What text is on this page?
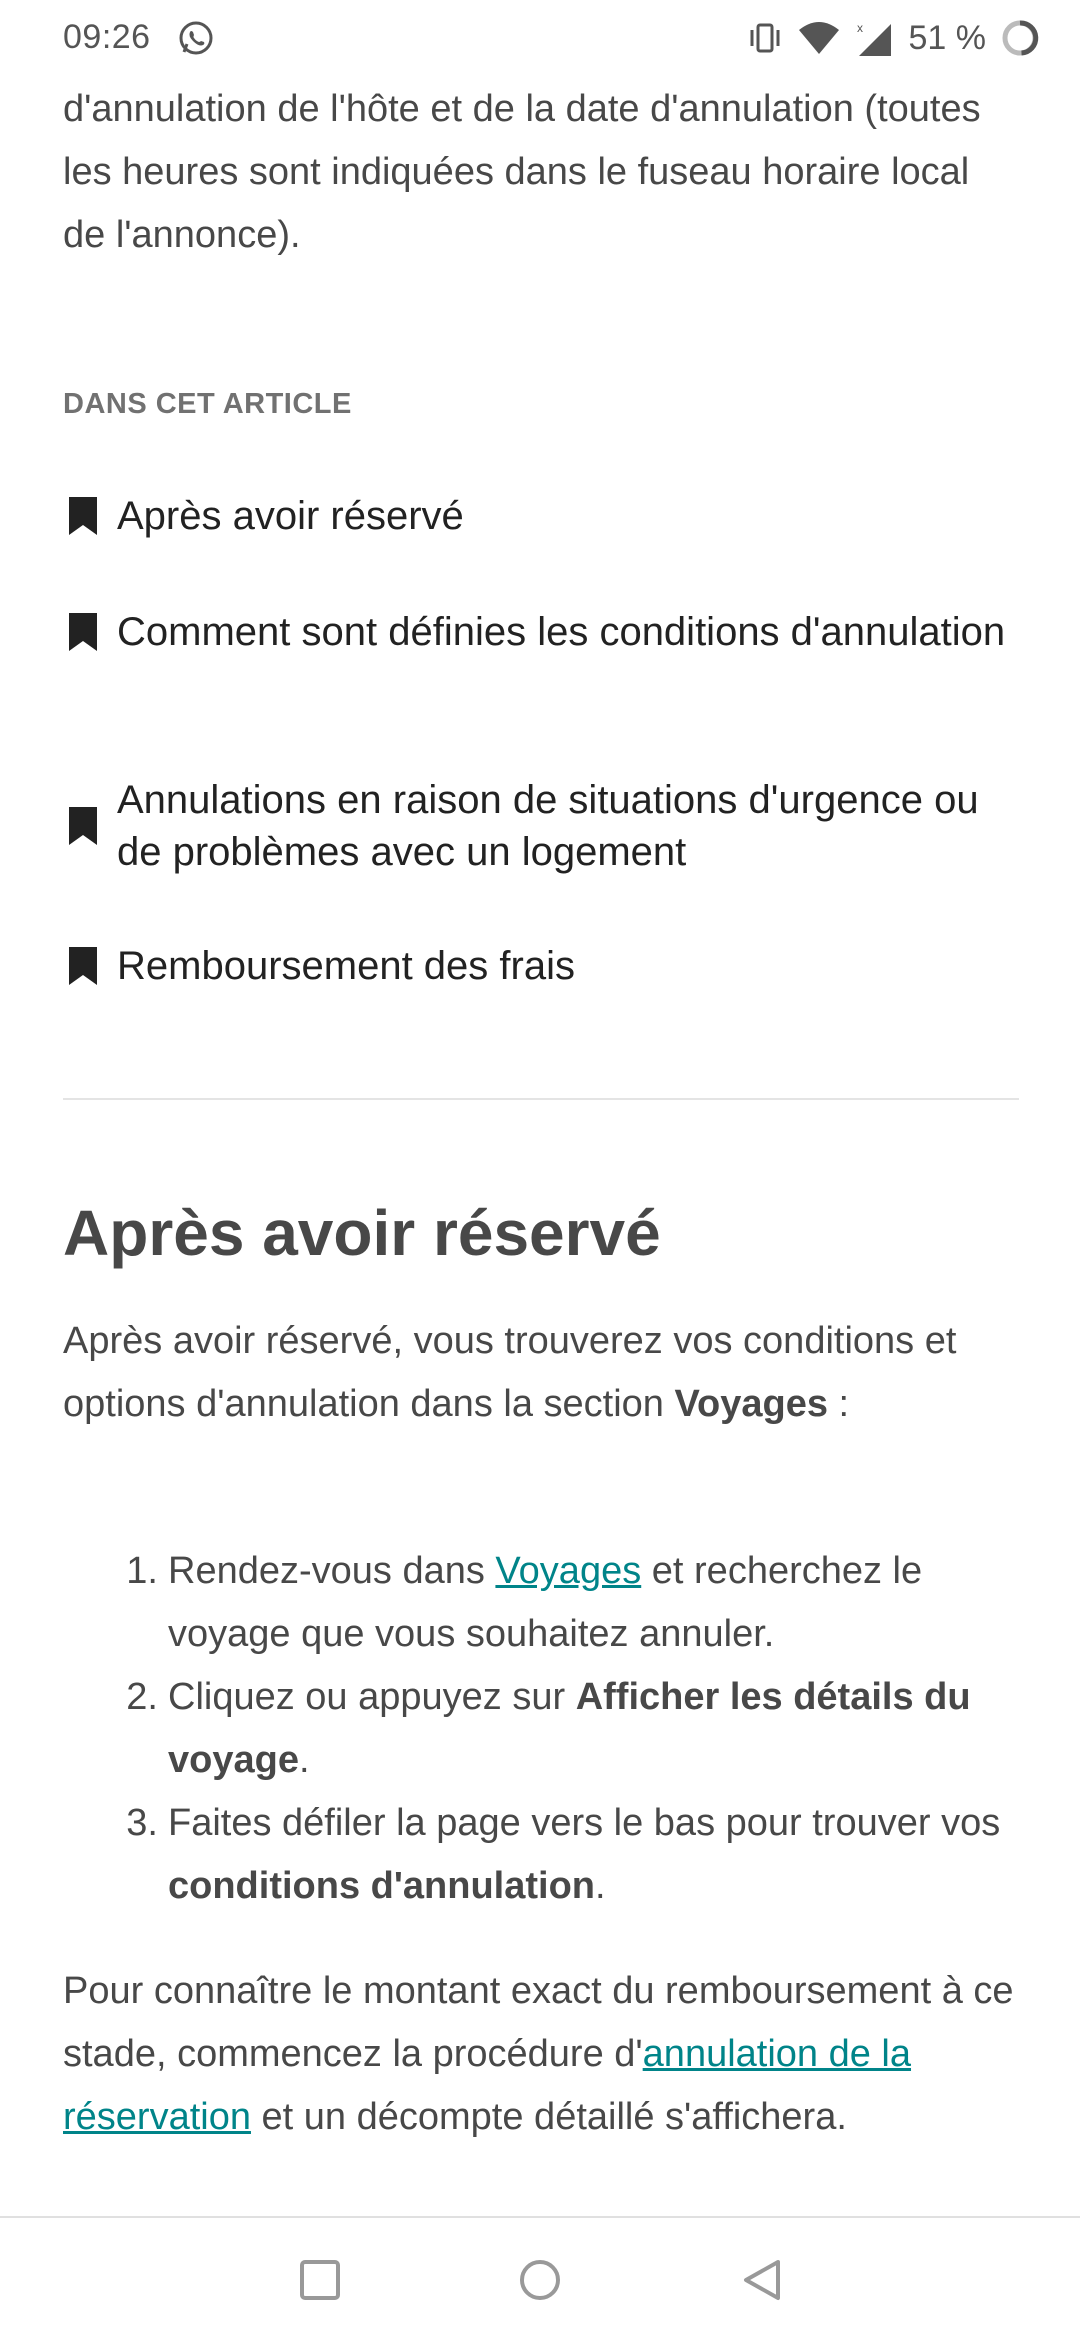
09:26	x 51 %

d'annulation de l'hôte et de la date d'annulation (toutes les heures sont indiquées dans le fuseau horaire local de l'annonce).

DANS CET ARTICLE
Après avoir réservé
Comment sont définies les conditions d'annulation
Annulations en raison de situations d'urgence ou de problèmes avec un logement
Remboursement des frais
Après avoir réservé

Après avoir réservé, vous trouverez vos conditions et options d'annulation dans la section Voyages :

1. Rendez-vous dans Voyages et recherchez le voyage que vous souhaitez annuler.
2. Cliquez ou appuyez sur Afficher les détails du voyage.
3. Faites défiler la page vers le bas pour trouver vos conditions d'annulation.

Pour connaître le montant exact du remboursement à ce stade, commencez la procédure d'annulation de la réservation et un décompte détaillé s'affichera.
